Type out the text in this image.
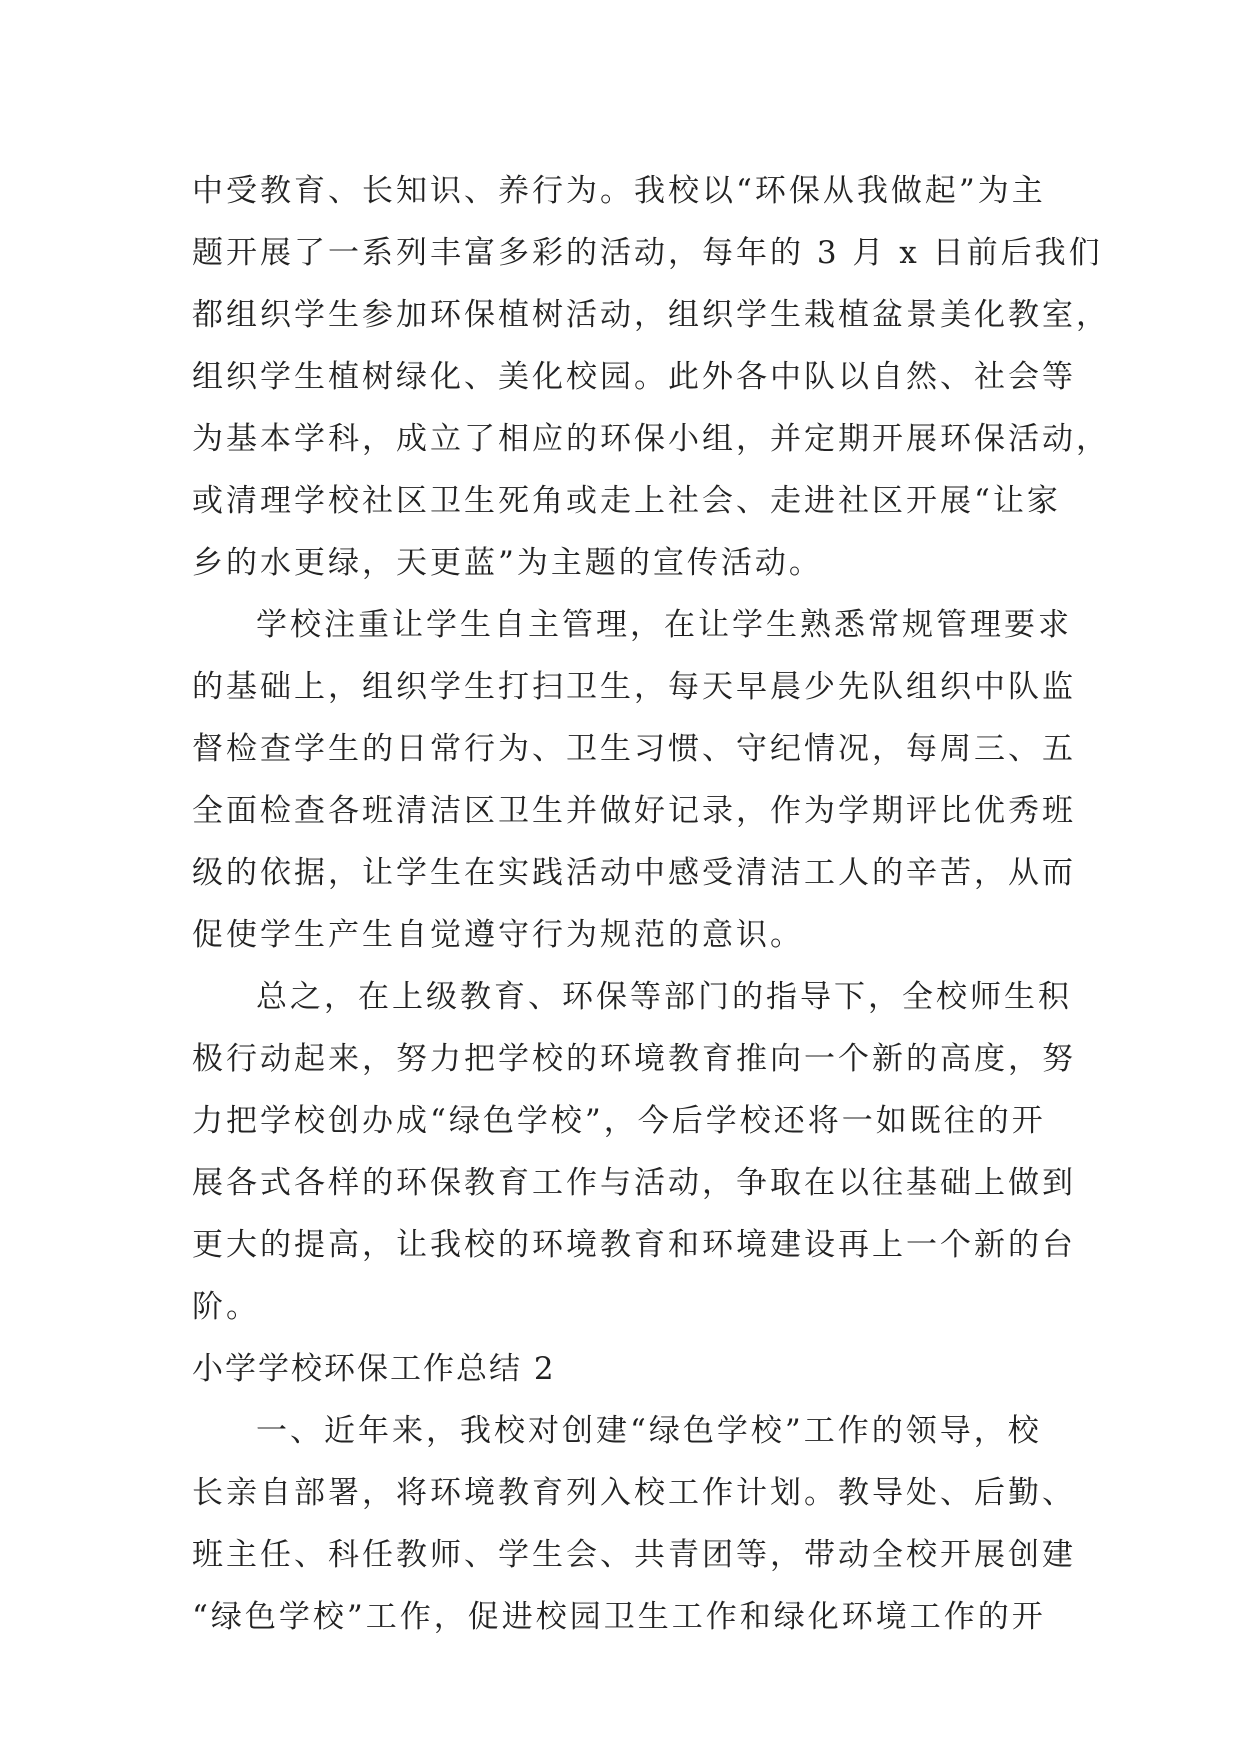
中受教育、长知识、养行为。我校以“环保从我做起”为主
题开展了一系列丰富多彩的活动，每年的 3 月 x 日前后我们
都组织学生参加环保植树活动，组织学生栽植盆景美化教室，
组织学生植树绿化、美化校园。此外各中队以自然、社会等
为基本学科，成立了相应的环保小组，并定期开展环保活动，
或清理学校社区卫生死角或走上社会、走进社区开展“让家
乡的水更绿，天更蓝”为主题的宣传活动。
学校注重让学生自主管理，在让学生熟悉常规管理要求
的基础上，组织学生打扫卫生，每天早晨少先队组织中队监
督检查学生的日常行为、卫生习惯、守纪情况，每周三、五
全面检查各班清洁区卫生并做好记录，作为学期评比优秀班
级的依据，让学生在实践活动中感受清洁工人的辛苦，从而
促使学生产生自觉遵守行为规范的意识。
总之，在上级教育、环保等部门的指导下，全校师生积
极行动起来，努力把学校的环境教育推向一个新的高度，努
力把学校创办成“绿色学校”，今后学校还将一如既往的开
展各式各样的环保教育工作与活动，争取在以往基础上做到
更大的提高，让我校的环境教育和环境建设再上一个新的台
阶。
小学学校环保工作总结 2
一、近年来，我校对创建“绿色学校”工作的领导，校
长亲自部署，将环境教育列入校工作计划。教导处、后勤、
班主任、科任教师、学生会、共青团等，带动全校开展创建
“绿色学校”工作，促进校园卫生工作和绿化环境工作的开
